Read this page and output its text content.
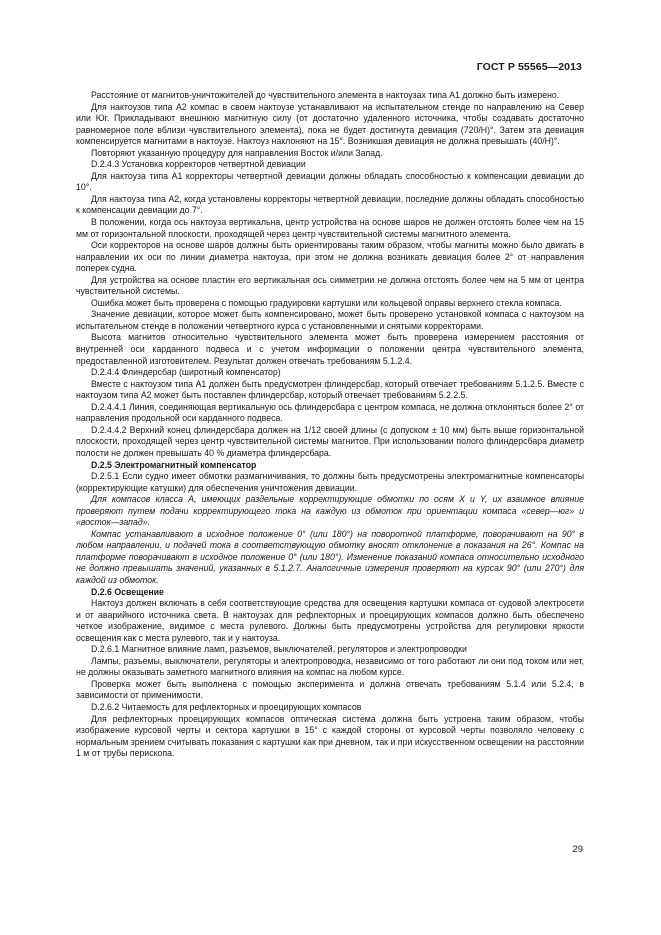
ГОСТ Р 55565—2013

Расстояние от магнитов-уничтожителей до чувствительного элемента в нактоузах типа А1 должно быть измерено.

Для нактоузов типа А2 компас в своем нактоузе устанавливают на испытательном стенде по направлению на Север или Юг. Прикладывают внешнюю магнитную силу (от достаточно удаленного источника, чтобы создавать достаточно равномерное поле вблизи чувствительного элемента), пока не будет достигнута девиация (720/Н)°. Затем эта девиация компенсируется магнитами в нактоузе. Нактоуз наклоняют на 15°. Возникшая девиация не должна превышать (40/Н)°.

Повторяют указанную процедуру для направления Восток и/или Запад.

D.2.4.3 Установка корректоров четвертной девиации

Для нактоуза типа А1 корректоры четвертной девиации должны обладать способностью к компенсации девиации до 10°.

Для нактоуза типа А2, когда установлены корректоры четвертной девиации, последние должны обладать способностью к компенсации девиации до 7°.

В положении, когда ось нактоуза вертикальна, центр устройства на основе шаров не должен отстоять более чем на 15 мм от горизонтальной плоскости, проходящей через центр чувствительной системы магнитного элемента.

Оси корректоров на основе шаров должны быть ориентированы таким образом, чтобы магниты можно было двигать в направлении их оси по линии диаметра нактоуза, при этом не должна возникать девиация более 2° от направления поперек судна.

Для устройства на основе пластин его вертикальная ось симметрии не должна отстоять более чем на 5 мм от центра чувствительной системы.

Ошибка может быть проверена с помощью градуировки картушки или кольцевой оправы верхнего стекла компаса.

Значение девиации, которое может быть компенсировано, может быть проверено установкой компаса с нактоузом на испытательном стенде в положении четвертного курса с установленными и снятыми корректорами.

Высота магнитов относительно чувствительного элемента может быть проверена измерением расстояния от внутренней оси карданного подвеса и с учетом информации о положении центра чувствительного элемента, предоставленной изготовителем. Результат должен отвечать требованиям 5.1.2.4.

D.2.4.4 Флиндерсбар (широтный компенсатор)

Вместе с нактоузом типа А1 должен быть предусмотрен флиндерсбар, который отвечает требованиям 5.1.2.5. Вместе с нактоузом типа А2 может быть поставлен флиндерсбар, который отвечает требованиям 5.2.2.5.

D.2.4.4.1 Линия, соединяющая вертикальную ось флиндерсбара с центром компаса, не должна отклоняться более 2° от направления продольной оси карданного подвеса.

D.2.4.4.2 Верхний конец флиндерсбара должен на 1/12 своей длины (с допуском ± 10 мм) быть выше горизонтальной плоскости, проходящей через центр чувствительной системы магнитов. При использовании полого флиндерсбара диаметр полости не должен превышать 40 % диаметра флиндерсбара.

D.2.5 Электромагнитный компенсатор

D.2.5.1 Если судно имеет обмотки размагничивания, то должны быть предусмотрены электромагнитные компенсаторы (корректирующие катушки) для обеспечения уничтожения девиации.

Для компасов класса А, имеющих раздельные корректирующие обмотки по осям X и Y, их взаимное влияние проверяют путем подачи корректирующего тока на каждую из обмоток при ориентации компаса «север—юг» и «восток—запад».

Компас устанавливают в исходное положение 0° (или 180°) на поворотной платформе, поворачивают на 90° в любом направлении, и подачей тока в соответствующую обмотку вносят отклонение в показания на 26°. Компас на платформе поворачивают в исходное положение 0° (или 180°). Изменение показаний компаса относительно исходного не должно превышать значений, указанных в 5.1.2.7. Аналогичные измерения проверяют на курсах 90° (или 270°) для каждой из обмоток.

D.2.6 Освещение

Нактоуз должен включать в себя соответствующие средства для освещения картушки компаса от судовой электросети и от аварийного источника света. В нактоузах для рефлекторных и проецирующих компасов должно быть обеспечено четкое изображение, видимое с места рулевого. Должны быть предусмотрены устройства для регулировки яркости освещения как с места рулевого, так и у нактоуза.

D.2.6.1 Магнитное влияние ламп, разъемов, выключателей, регуляторов и электропроводки

Лампы, разъемы, выключатели, регуляторы и электропроводка, независимо от того работают ли они под током или нет, не должны оказывать заметного магнитного влияния на компас на любом курсе.

Проверка может быть выполнена с помощью эксперимента и должна отвечать требованиям 5.1.4 или 5.2.4, в зависимости от применимости.

D.2.6.2 Читаемость для рефлекторных и проецирующих компасов

Для рефлекторных проецирующих компасов оптическая система должна быть устроена таким образом, чтобы изображение курсовой черты и сектора картушки в 15° с каждой стороны от курсовой черты позволяло человеку с нормальным зрением считывать показания с картушки как при дневном, так и при искусственном освещении на расстоянии 1 м от трубы перископа.

29
